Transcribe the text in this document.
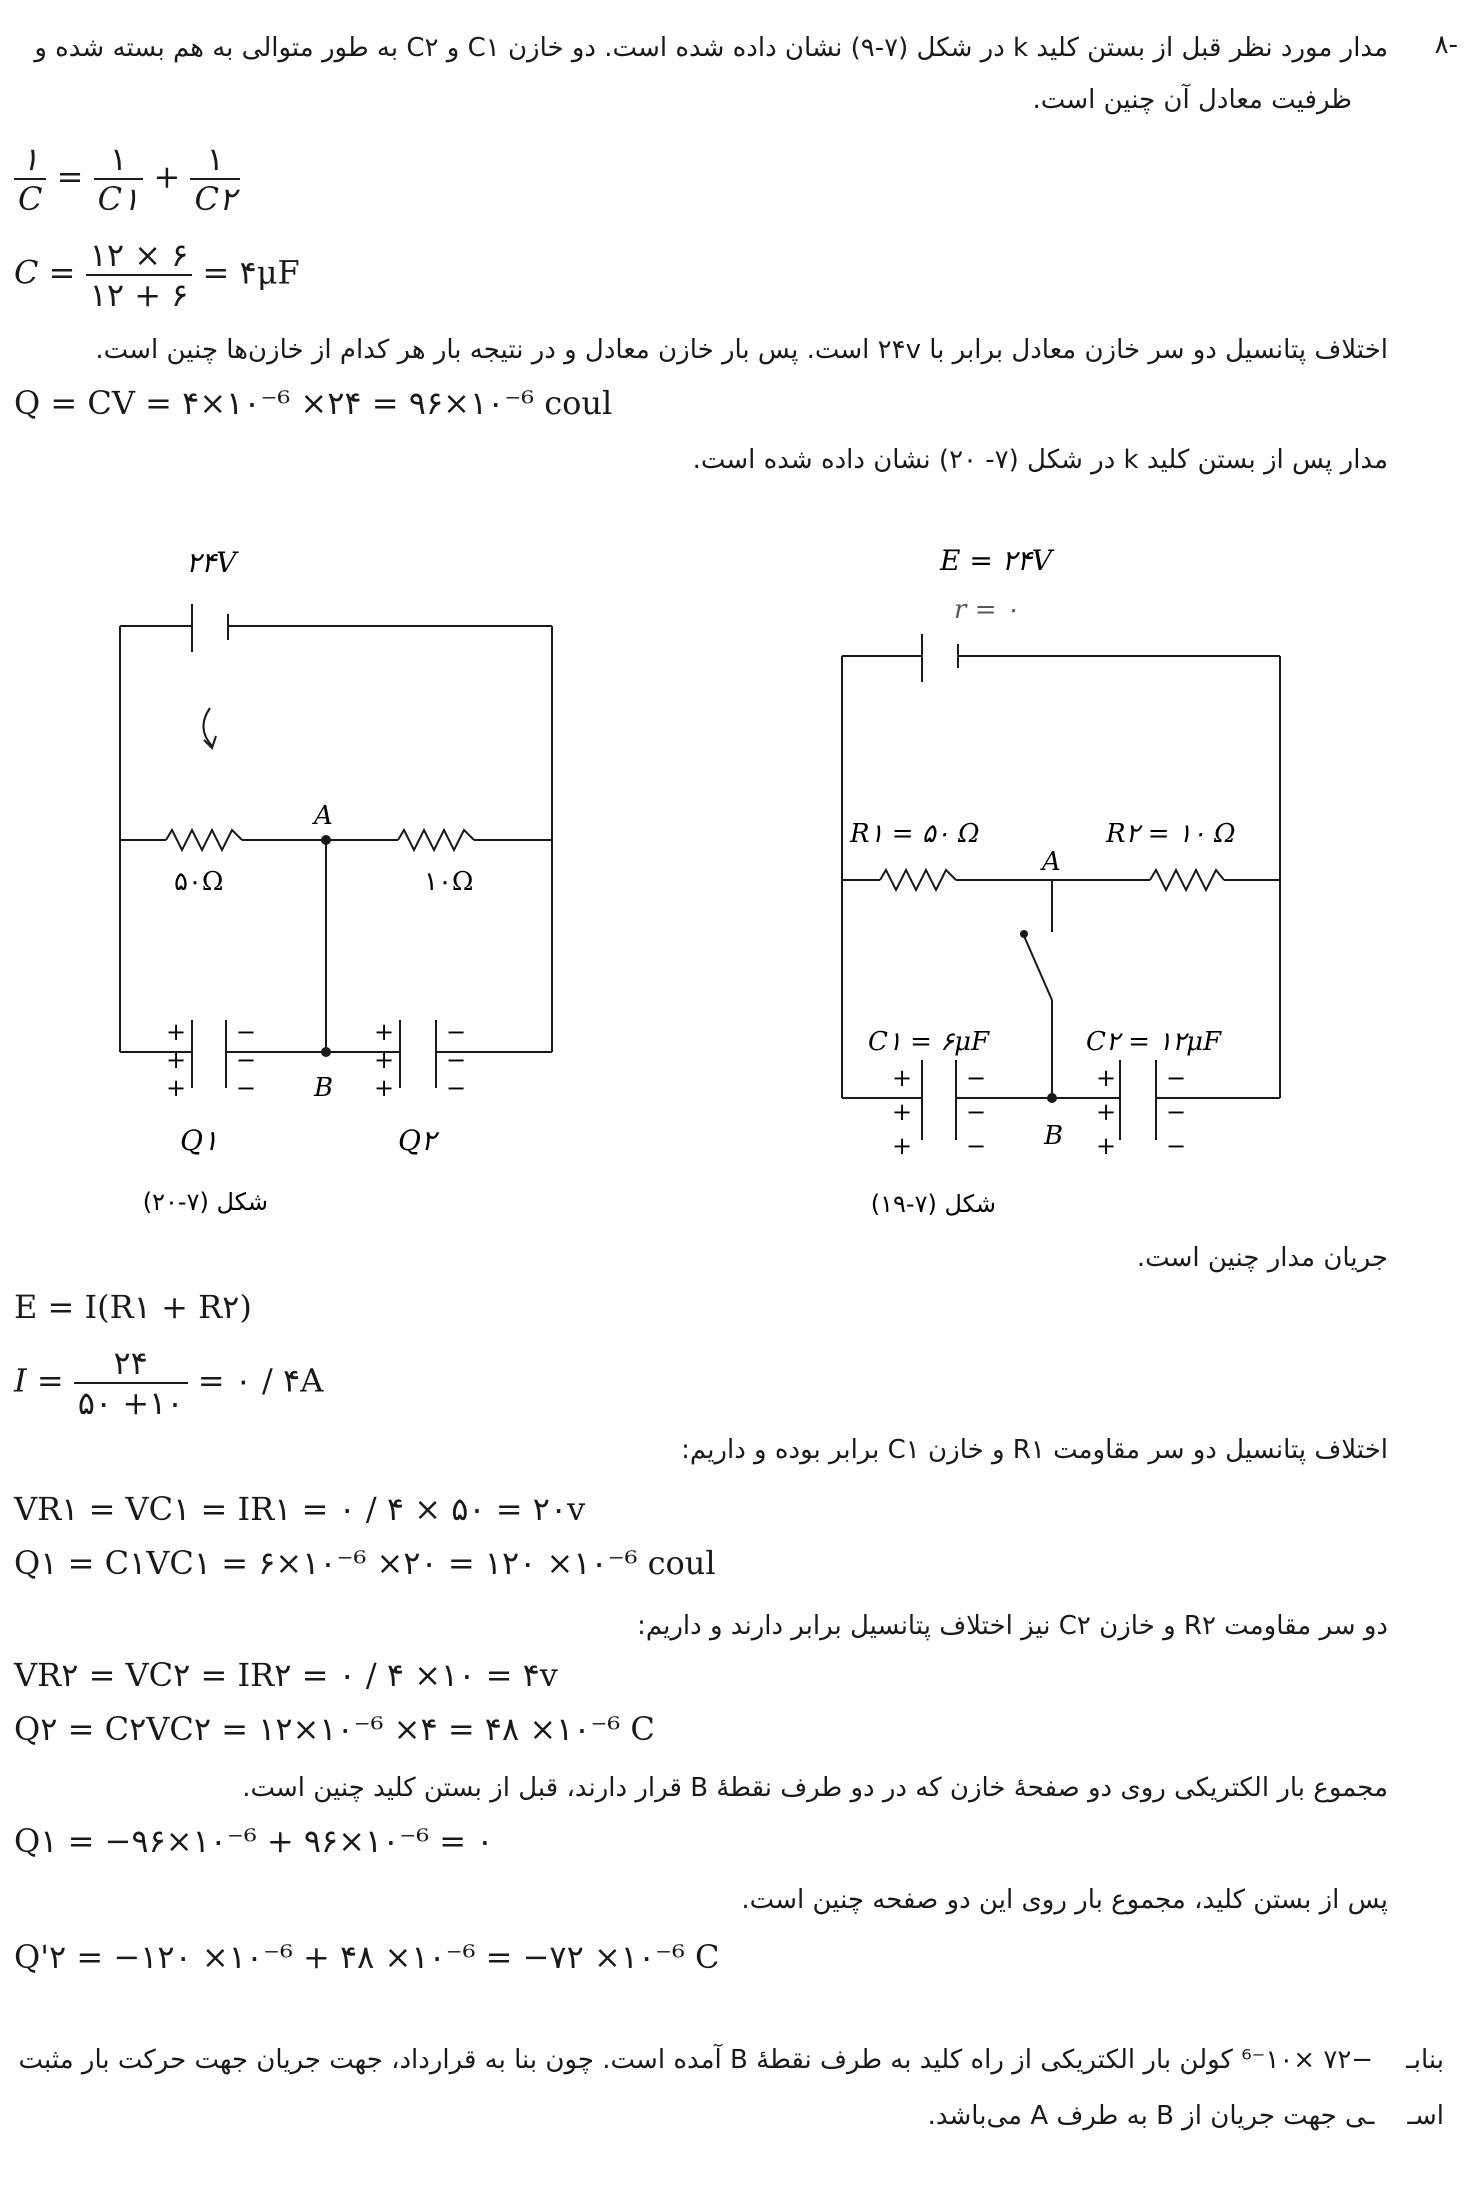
-۸
مدار مورد نظر قبل از بستن کلید k در شکل (۷-۹) نشان داده شده است. دو خازن C۱ و C۲ به طور متوالی به هم بسته شده و
ظرفیت معادل آن چنین است.
$\frac{۱}{C} = \frac{۱}{C۱} + \frac{۱}{C۲}$
$C = \frac{۱۲ \times ۶}{۱۲ + ۶}$ = ۴μF
اختلاف پتانسیل دو سر خازن معادل برابر با ۲۴v است. پس بار خازن معادل و در نتیجه بار هر کدام از خازن‌ها چنین است.
Q = CV = ۴×۱۰⁻⁶ ×۲۴ = ۹۶×۱۰⁻⁶ coul
مدار پس از بستن کلید k در شکل (۷- ۲۰) نشان داده شده است.
۲۴V
A
B
۵۰Ω	۱۰Ω
Q۱	Q۲
+
+
+
−
−
−
+
+
+
−
−
−
شکل (۷-۲۰)
E = ۲۴V
r = ۰
R۱ = ۵۰ Ω	R۲ = ۱۰ Ω
A
B
C۱ = ۶μF	C۲ = ۱۲μF
+
+
+
−
−
−
+
+
+
−
−
−
شکل (۷-۱۹)
جریان مدار چنین است.
E = I(R۱ + R۲)
$I = \frac{۲۴}{۵۰ +۱۰}$ = ۰ / ۴A
اختلاف پتانسیل دو سر مقاومت R۱ و خازن C۱ برابر بوده و داریم:
VR۱ = VC۱ = IR۱ = ۰ / ۴ × ۵۰ = ۲۰v
Q۱ = C۱VC۱ = ۶×۱۰⁻⁶ ×۲۰ = ۱۲۰ ×۱۰⁻⁶ coul
دو سر مقاومت R۲ و خازن C۲ نیز اختلاف پتانسیل برابر دارند و داریم:
VR۲ = VC۲ = IR۲ = ۰ / ۴ ×۱۰ = ۴v
Q۲ = C۲VC۲ = ۱۲×۱۰⁻⁶ ×۴ = ۴۸ ×۱۰⁻⁶ C
مجموع بار الکتریکی روی دو صفحهٔ خازن که در دو طرف نقطهٔ B قرار دارند، قبل از بستن کلید چنین است.
Q۱ = −۹۶×۱۰⁻⁶ + ۹۶×۱۰⁻⁶ = ۰
پس از بستن کلید، مجموع بار روی این دو صفحه چنین است.
Q'۲ = −۱۲۰ ×۱۰⁻⁶ + ۴۸ ×۱۰⁻⁶ = −۷۲ ×۱۰⁻⁶ C
بنابـ ‌ ‌ ‌ −۷۲ ×۱۰⁻⁶ کولن بار الکتریکی از راه کلید به طرف نقطهٔ B آمده است. چون بنا به قرارداد، جهت جریان جهت حرکت بار مثبت
اسـ ‌ ‌ ‌ ـی جهت جریان از B به طرف A می‌باشد.
